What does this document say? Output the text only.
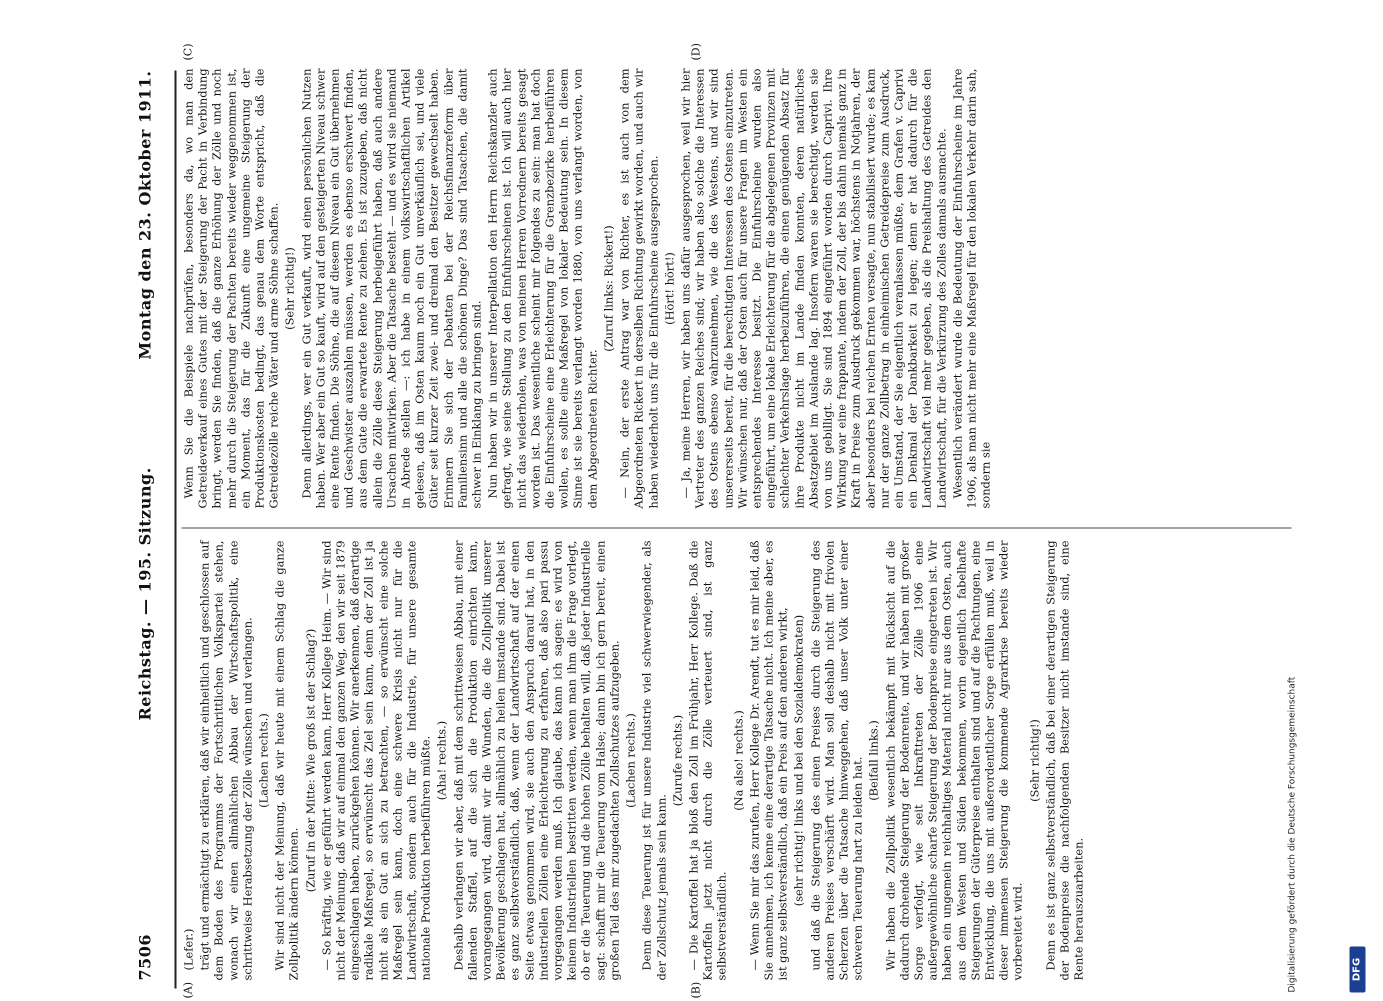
7506
Reichstag. — 195. Sitzung.
Montag den 23. Oktober 1911.
(A)	(B)
(C)	(D)

(Lefer.) trägt und ermächtigt zu erklären, daß wir einheitlich und geschlossen auf dem Boden des Programms der Fortschrittlichen Volkspartei stehen, wonach wir einen allmählichen Abbau der Wirtschaftspolitik, eine schrittweise Herabsetzung der Zölle wünschen und verlangen. (Lachen rechts.) Wir sind nicht der Meinung, daß wir heute mit einem Schlag die ganze Zollpolitik ändern können.

(Zuruf in der Mitte: Wie groß ist der Schlag?) — So kräftig, wie er geführt werden kann, Herr Kollege Heim. — Wir sind nicht der Meinung, daß wir auf einmal den ganzen Weg, den wir seit 1879 eingeschlagen haben, zurückgehen können. Wir anerkennen, daß derartige radikale Maßregel, so erwünscht das Ziel sein kann, denn der Zoll ist ja nicht als ein Gut an sich zu betrachten, — so erwünscht eine solche Maßregel sein kann, doch eine schwere Krisis nicht nur für die Landwirtschaft, sondern auch für die Industrie, für unsere gesamte nationale Produktion herbeiführen müßte. (Aha! rechts.) Deshalb verlangen wir aber, daß mit dem schrittweisen Abbau, mit einer fallenden Staffel, auf die sich die Produktion einrichten kann, vorangegangen wird, damit wir die Wunden, die die Zollpolitik unserer Bevölkerung geschlagen hat, allmählich zu heilen imstande sind. Dabei ist es ganz selbstverständlich, daß, wenn der Landwirtschaft auf der einen Seite etwas genommen wird, sie auch den Anspruch darauf hat, in den industriellen Zöllen eine Erleichterung zu erfahren, daß also pari passu vorgegangen werden muß. Ich glaube, das kann ich sagen: es wird von keinem Industriellen bestritten werden, wenn man ihm die Frage vorlegt, ob er die Teuerung und die hohen Zölle behalten will, daß jeder Industrielle sagt: schafft mir die Teuerung vom Halse; dann bin ich gern bereit, einen großen Teil des mir zugedachten Zollschutzes aufzugeben. (Lachen rechts.) Denn diese Teuerung ist für unsere Industrie viel schwerwiegender, als der Zollschutz jemals sein kann.

(Zurufe rechts.) — Die Kartoffel hat ja bloß den Zoll im Frühjahr, Herr Kollege. Daß die Kartoffeln jetzt nicht durch die Zölle verteuert sind, ist ganz selbstverständlich.

(Na also! rechts.) — Wenn Sie mir das zurufen, Herr Kollege Dr. Arendt, tut es mir leid, daß Sie annehmen, ich kenne eine derartige Tatsache nicht. Ich meine aber, es ist ganz selbstverständlich, daß ein Preis auf den anderen wirkt, (sehr richtig! links und bei den Sozialdemokraten) und daß die Steigerung des einen Preises durch die Steigerung des anderen Preises verschärft wird. Man soll deshalb nicht mit frivolen Scherzen über die Tatsache hinweggehen, daß unser Volk unter einer schweren Teuerung hart zu leiden hat. (Beifall links.) Wir haben die Zollpolitik wesentlich bekämpft mit Rücksicht auf die dadurch drohende Steigerung der Bodenrente, und wir haben mit großer Sorge verfolgt, wie seit Inkrafttreten der Zölle 1906 eine außergewöhnliche scharfe Steigerung der Bodenpreise eingetreten ist. Wir haben ein ungemein reichhaltiges Material nicht nur aus dem Osten, auch aus dem Westen und Süden bekommen, worin eigentlich fabelhafte Steigerungen der Güterpreise enthalten sind und auf die Pachtungen, eine Entwicklung, die uns mit außerordentlicher Sorge erfüllen muß, weil in dieser immensen Steigerung die kommende Agrarkrise bereits wieder vorbereitet wird.

(Sehr richtig!) Denn es ist ganz selbstverständlich, daß bei einer derartigen Steigerung der Bodenpreise die nachfolgenden Besitzer nicht imstande sind, eine Rente herauszuarbeiten.

Wenn Sie die Beispiele nachprüfen, besonders da, wo man den Getreideverkauf eines Gutes mit der Steigerung der Pacht in Verbindung bringt, werden Sie finden, daß die ganze Erhöhung der Zölle und noch mehr durch die Steigerung der Pachten bereits wieder weggenommen ist, ein Moment, das für die Zukunft eine ungemeine Steigerung der Produktionskosten bedingt, das genau dem Worte entspricht, daß die Getreidezölle reiche Väter und arme Söhne schaffen. (Sehr richtig!) Denn allerdings, wer ein Gut verkauft, wird einen persönlichen Nutzen haben. Wer aber ein Gut so kauft, wird auf den gesteigerten Niveau schwer eine Rente finden. Die Söhne, die auf diesem Niveau ein Gut übernehmen und Geschwister auszahlen müssen, werden es ebenso erschwert finden, aus dem Gute die erwartete Rente zu ziehen. Es ist zuzugeben, daß nicht allein die Zölle diese Steigerung herbeigeführt haben, daß auch andere Ursachen mitwirken. Aber die Tatsache besteht — und es wird sie niemand in Abrede stellen —: ich habe in einem volkswirtschaftlichen Artikel gelesen, daß im Osten kaum noch ein Gut unverkäuflich sei, und viele Güter seit kurzer Zeit zwei- und dreimal den Besitzer gewechselt haben. Erinnern Sie sich der Debatten bei der Reichsfinanzreform über Familiensinn und alle die schönen Dinge? Das sind Tatsachen, die damit schwer in Einklang zu bringen sind. Nun haben wir in unserer Interpellation den Herrn Reichskanzler auch gefragt, wie seine Stellung zu den Einfuhrscheinen ist. Ich will auch hier nicht das wiederholen, was von meinen Herren Vorrednern bereits gesagt worden ist. Das wesentliche scheint mir folgendes zu sein: man hat doch die Einfuhrscheine eine Erleichterung für die Grenzbezirke herbeiführen wollen, es sollte eine Maßregel von lokaler Bedeutung sein. In diesem Sinne ist sie bereits verlangt worden 1880, von uns verlangt worden, von dem Abgeordneten Richter.

(Zuruf links: Rickert!) — Nein, der erste Antrag war von Richter, es ist auch von dem Abgeordneten Rickert in derselben Richtung gewirkt worden, und auch wir haben wiederholt uns für die Einfuhrscheine ausgesprochen. (Hört! hört!) — Ja, meine Herren, wir haben uns dafür ausgesprochen, weil wir hier Vertreter des ganzen Reiches sind; wir haben also solche die Interessen des Ostens ebenso wahrzunehmen, wie die des Westens, und wir sind unsererseits bereit, für die berechtigten Interessen des Ostens einzutreten. Wir wünschen nur, daß der Osten auch für unsere Fragen im Westen ein entsprechendes Interesse besitzt. Die Einfuhrscheine wurden also eingeführt, um eine lokale Erleichterung für die abgelegenen Provinzen mit schlechter Verkehrslage herbeizuführen, die einen genügenden Absatz für ihre Produkte nicht im Lande finden konnten, deren natürliches Absatzgebiet im Auslande lag. Insofern waren sie berechtigt, werden sie von uns gebilligt. Sie sind 1894 eingeführt worden durch Caprivi. Ihre Wirkung war eine frappante, indem der Zoll, der bis dahin niemals ganz in Kraft in Preise zum Ausdruck gekommen war, höchstens in Notjahren, der aber besonders bei reichen Ernten versagte, nun stabilisiert wurde; es kam nur der ganze Zollbetrag in einheimischen Getreidepreise zum Ausdruck, ein Umstand, der Sie eigentlich veranlassen müßte, dem Grafen v. Caprivi ein Denkmal der Dankbarkeit zu legen; denn er hat dadurch für die Landwirtschaft viel mehr gegeben, als die Preishaltung des Getreides den Landwirtschaft, für die Verkürzung des Zolles damals ausmachte. Wesentlich verändert wurde die Bedeutung der Einfuhrscheine im Jahre 1906, als man nicht mehr eine Maßregel für den lokalen Verkehr darin sah, sondern sie

Digitalisierung gefördert durch die Deutsche Forschungsgemeinschaft	DFG
